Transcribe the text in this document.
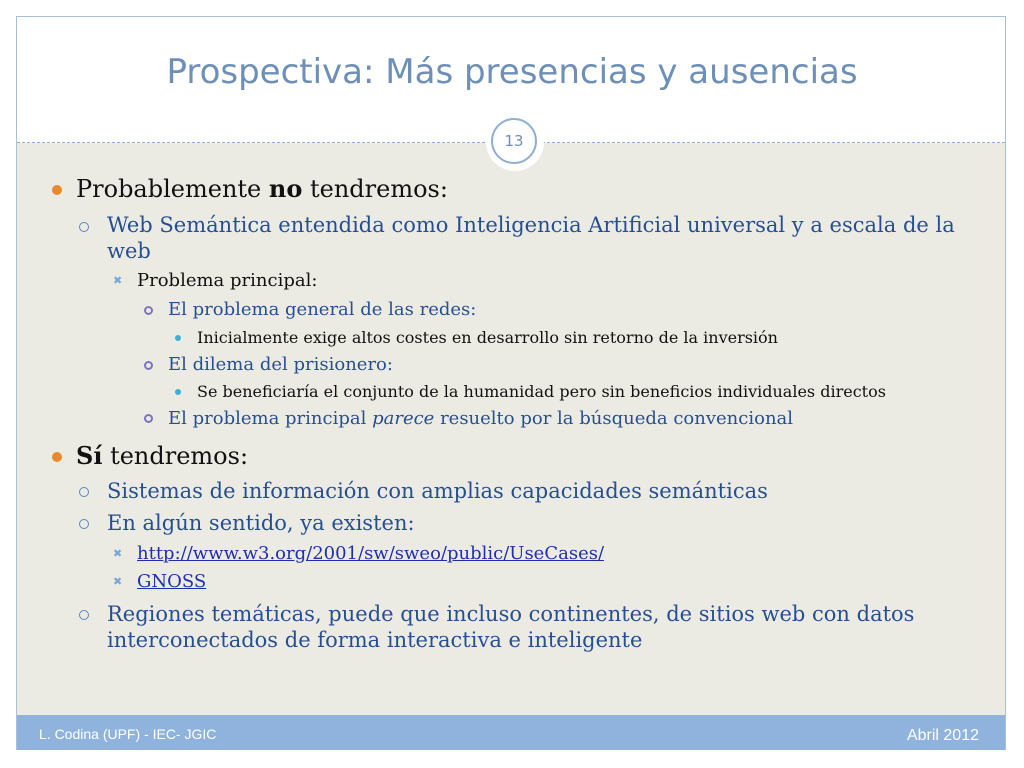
Prospectiva: Más presencias y ausencias
13

Probablemente no tendremos:

Web Semántica entendida como Inteligencia Artificial universal y a escala de la web

✖ Problema principal:

El problema general de las redes:

Inicialmente exige altos costes en desarrollo sin retorno de la inversión

El dilema del prisionero:

Se beneficiaría el conjunto de la humanidad pero sin beneficios individuales directos

El problema principal parece resuelto por la búsqueda convencional

Sí tendremos:

Sistemas de información con amplias capacidades semánticas

En algún sentido, ya existen:

✖ http://www.w3.org/2001/sw/sweo/public/UseCases/

✖ GNOSS

Regiones temáticas, puede que incluso continentes, de sitios web con datos interconectados de forma interactiva e inteligente

L. Codina (UPF) - IEC- JGIC	Abril 2012
